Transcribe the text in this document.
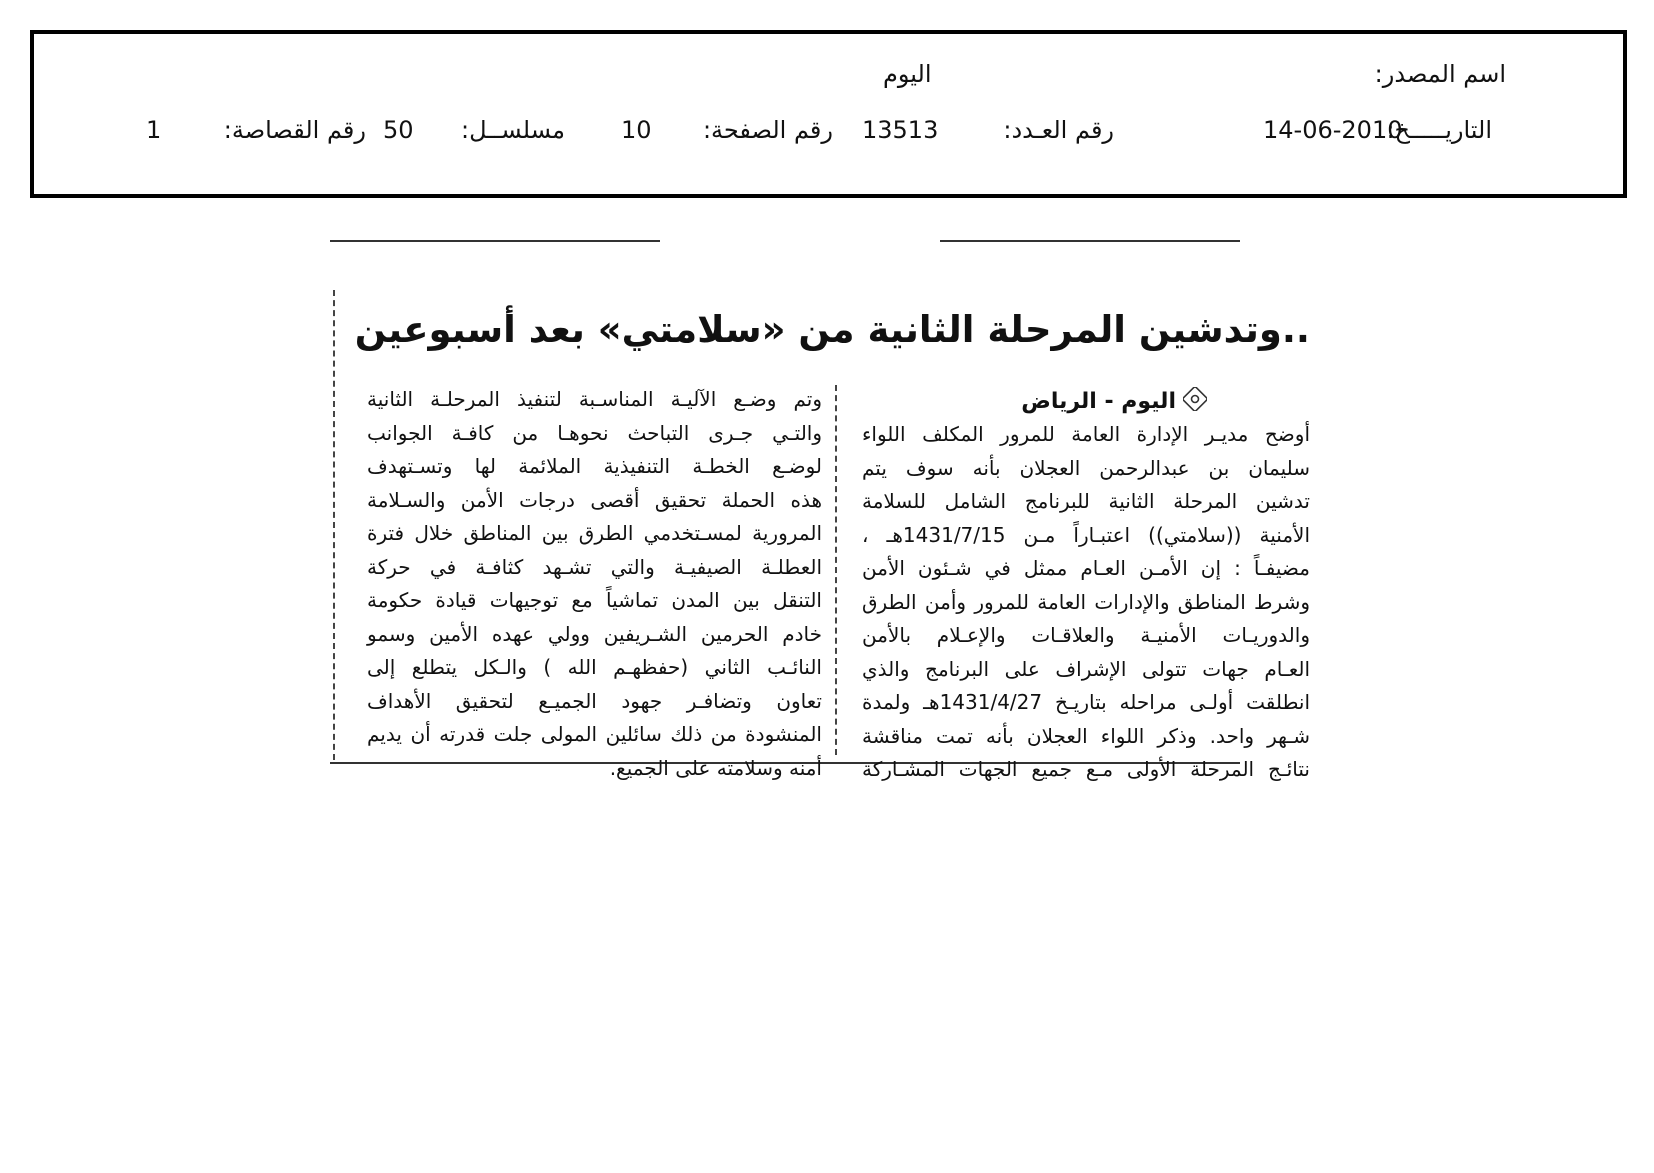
اسم المصدر:
اليوم
التاريـــــخ:
14-06-2010
رقم العـدد:
13513
رقم الصفحة:
10
مسلســل:
50
رقم القصاصة:
1
..وتدشين المرحلة الثانية من «سلامتي» بعد أسبوعين
اليوم - الرياض
أوضح مديـر الإدارة العامة للمرور المكلف اللواء
سليمان بن عبدالرحمن العجلان بأنه سوف يتم
تدشين المرحلة الثانية للبرنامج الشامل للسلامة
الأمنية ((سلامتي)) اعتبـاراً مـن 1431/7/15هـ ،
مضيفـاً : إن الأمـن العـام ممثل في شـئون الأمن
وشرط المناطق والإدارات العامة للمرور وأمن الطرق
والدوريـات الأمنيـة والعلاقـات والإعـلام بالأمن
العـام جهات تتولى الإشراف على البرنامج والذي
انطلقت أولـى مراحله بتاريـخ 1431/4/27هـ ولمدة
شـهر واحد. وذكر اللواء العجلان بأنه تمت مناقشة
نتائـج المرحلة الأولى مـع جميع الجهات المشـاركة
وتم وضـع الآليـة المناسـبة لتنفيذ المرحلـة الثانية
والتـي جـرى التباحث نحوهـا من كافـة الجوانب
لوضـع الخطـة التنفيذية الملائمة لها وتسـتهدف
هذه الحملة تحقيق أقصى درجات الأمن والسـلامة
المرورية لمسـتخدمي الطرق بين المناطق خلال فترة
العطلـة الصيفيـة والتي تشـهد كثافـة في حركة
التنقل بين المدن تماشياً مع توجيهات قيادة حكومة
خادم الحرمين الشـريفين وولي عهده الأمين وسمو
النائـب الثاني (حفظهـم الله ) والـكل يتطلع إلى
تعاون وتضافـر جهود الجميـع لتحقيق الأهداف
المنشودة من ذلك سائلين المولى جلت قدرته أن يديم
أمنه وسلامته على الجميع.
